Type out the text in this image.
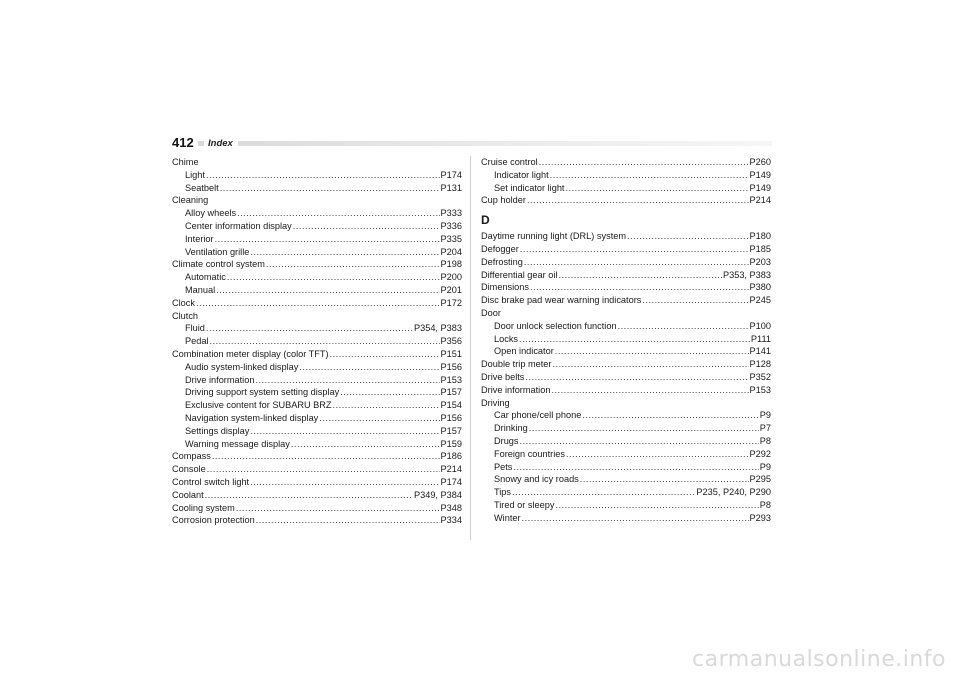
412	Index
Chime
Light .....	P174
Seatbelt .....	P131
Cleaning
Alloy wheels .....	P333
Center information display .....	P336
Interior .....	P335
Ventilation grille .....	P204
Climate control system .....	P198
Automatic .....	P200
Manual .....	P201
Clock .....	P172
Clutch
Fluid .....	P354, P383
Pedal .....	P356
Combination meter display (color TFT) .....	P151
Audio system-linked display .....	P156
Drive information .....	P153
Driving support system setting display .....	P157
Exclusive content for SUBARU BRZ .....	P154
Navigation system-linked display .....	P156
Settings display .....	P157
Warning message display .....	P159
Compass .....	P186
Console .....	P214
Control switch light .....	P174
Coolant .....	P349, P384
Cooling system .....	P348
Corrosion protection .....	P334
Cruise control .....	P260
Indicator light .....	P149
Set indicator light .....	P149
Cup holder .....	P214
D
Daytime running light (DRL) system .....	P180
Defogger .....	P185
Defrosting .....	P203
Differential gear oil .....	P353, P383
Dimensions .....	P380
Disc brake pad wear warning indicators .....	P245
Door
Door unlock selection function .....	P100
Locks .....	P111
Open indicator .....	P141
Double trip meter .....	P128
Drive belts .....	P352
Drive information .....	P153
Driving
Car phone/cell phone .....	P9
Drinking .....	P7
Drugs .....	P8
Foreign countries .....	P292
Pets .....	P9
Snowy and icy roads .....	P295
Tips .....	P235, P240, P290
Tired or sleepy .....	P8
Winter .....	P293
carmanualsonline.info
